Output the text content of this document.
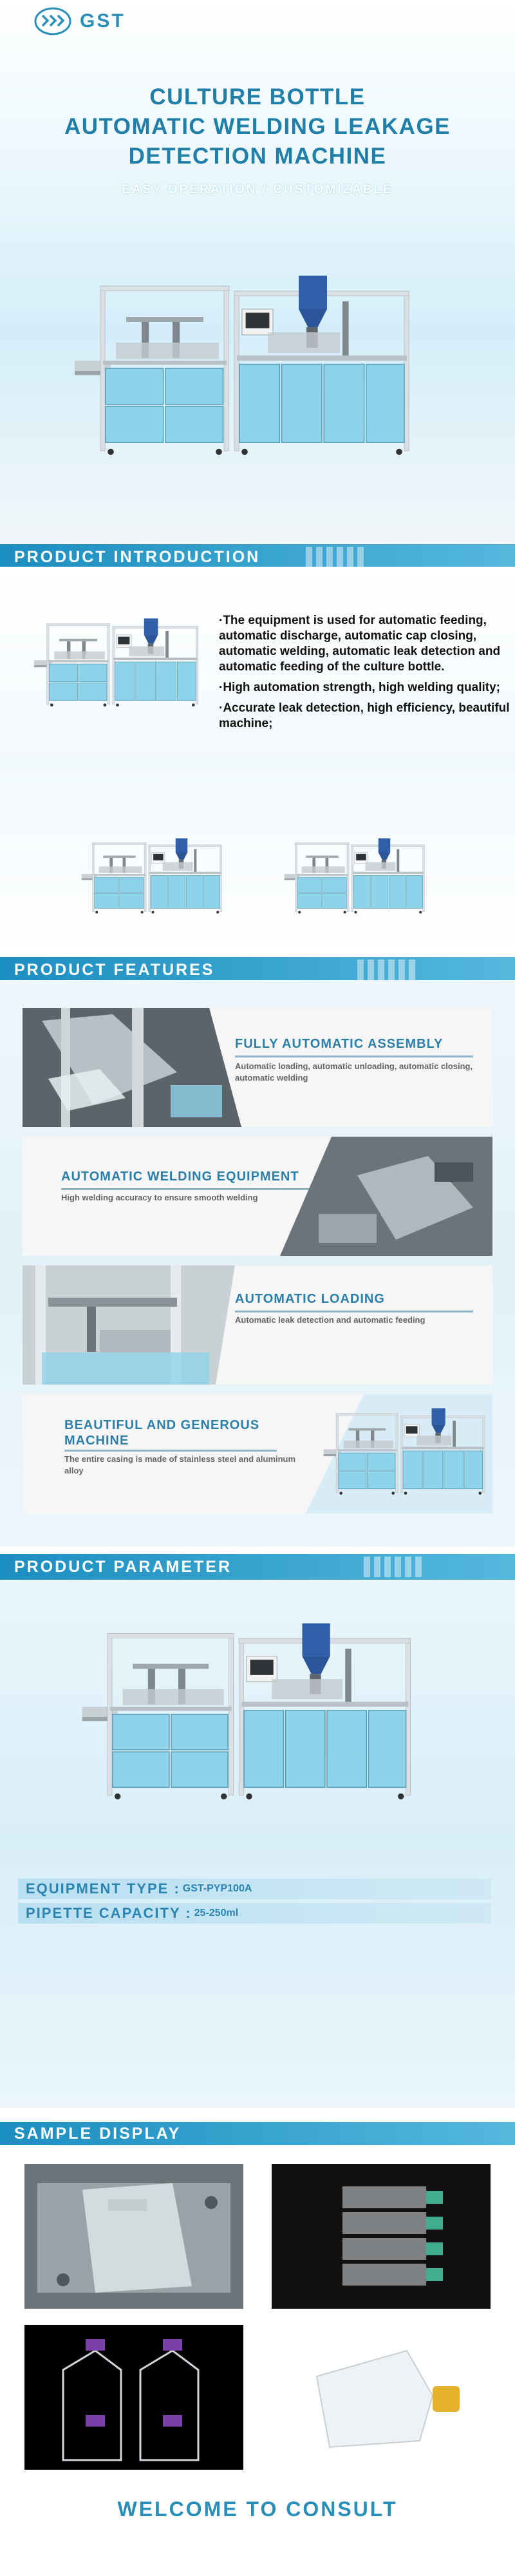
GST
CULTURE BOTTLE
AUTOMATIC WELDING LEAKAGE
DETECTION MACHINE
EASY OPERATION / CUSTOMIZABLE
PRODUCT INTRODUCTION

·The equipment is used for automatic feeding, automatic discharge, automatic cap closing, automatic welding, automatic leak detection and automatic feeding of the culture bottle.

·High automation strength, high welding quality;

·Accurate leak detection, high efficiency, beautiful machine;

PRODUCT FEATURES
FULLY AUTOMATIC ASSEMBLY
Automatic loading, automatic unloading, automatic closing, automatic welding
AUTOMATIC WELDING EQUIPMENT
High welding accuracy to ensure smooth welding
AUTOMATIC LOADING
Automatic leak detection and automatic feeding
BEAUTIFUL AND GENEROUS MACHINE
The entire casing is made of stainless steel and aluminum alloy
PRODUCT PARAMETER
EQUIPMENT TYPE : GST-PYP100A
PIPETTE CAPACITY : 25-250ml
SAMPLE DISPLAY
WELCOME TO CONSULT
